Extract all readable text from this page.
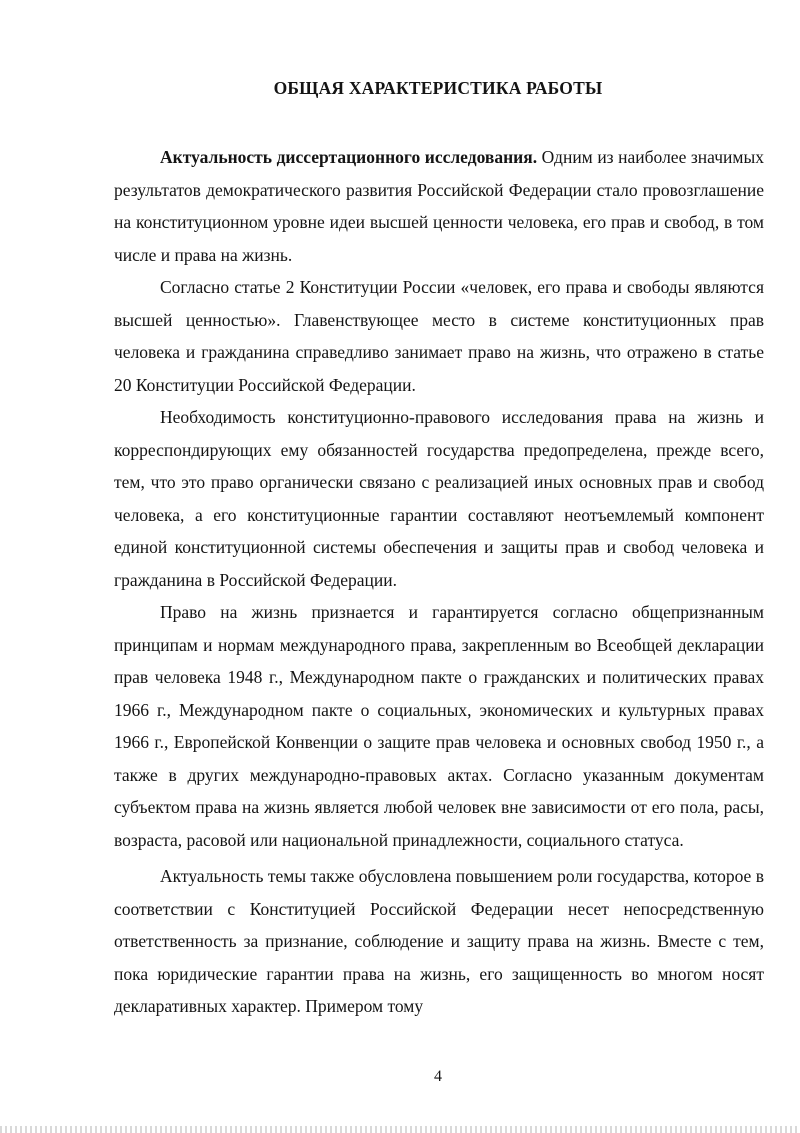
ОБЩАЯ ХАРАКТЕРИСТИКА РАБОТЫ

Актуальность диссертационного исследования. Одним из наиболее значимых результатов демократического развития Российской Федерации стало провозглашение на конституционном уровне идеи высшей ценности человека, его прав и свобод, в том числе и права на жизнь.

Согласно статье 2 Конституции России «человек, его права и свободы являются высшей ценностью». Главенствующее место в системе конституционных прав человека и гражданина справедливо занимает право на жизнь, что отражено в статье 20 Конституции Российской Федерации.

Необходимость конституционно-правового исследования права на жизнь и корреспондирующих ему обязанностей государства предопределена, прежде всего, тем, что это право органически связано с реализацией иных основных прав и свобод человека, а его конституционные гарантии составляют неотъемлемый компонент единой конституционной системы обеспечения и защиты прав и свобод человека и гражданина в Российской Федерации.

Право на жизнь признается и гарантируется согласно общепризнанным принципам и нормам международного права, закрепленным во Всеобщей декларации прав человека 1948 г., Международном пакте о гражданских и политических правах 1966 г., Международном пакте о социальных, экономических и культурных правах 1966 г., Европейской Конвенции о защите прав человека и основных свобод 1950 г., а также в других международно-правовых актах. Согласно указанным документам субъектом права на жизнь является любой человек вне зависимости от его пола, расы, возраста, расовой или национальной принадлежности, социального статуса.

Актуальность темы также обусловлена повышением роли государства, которое в соответствии с Конституцией Российской Федерации несет непосредственную ответственность за признание, соблюдение и защиту права на жизнь. Вместе с тем, пока юридические гарантии права на жизнь, его защищенность во многом носят декларативных характер. Примером тому

4
